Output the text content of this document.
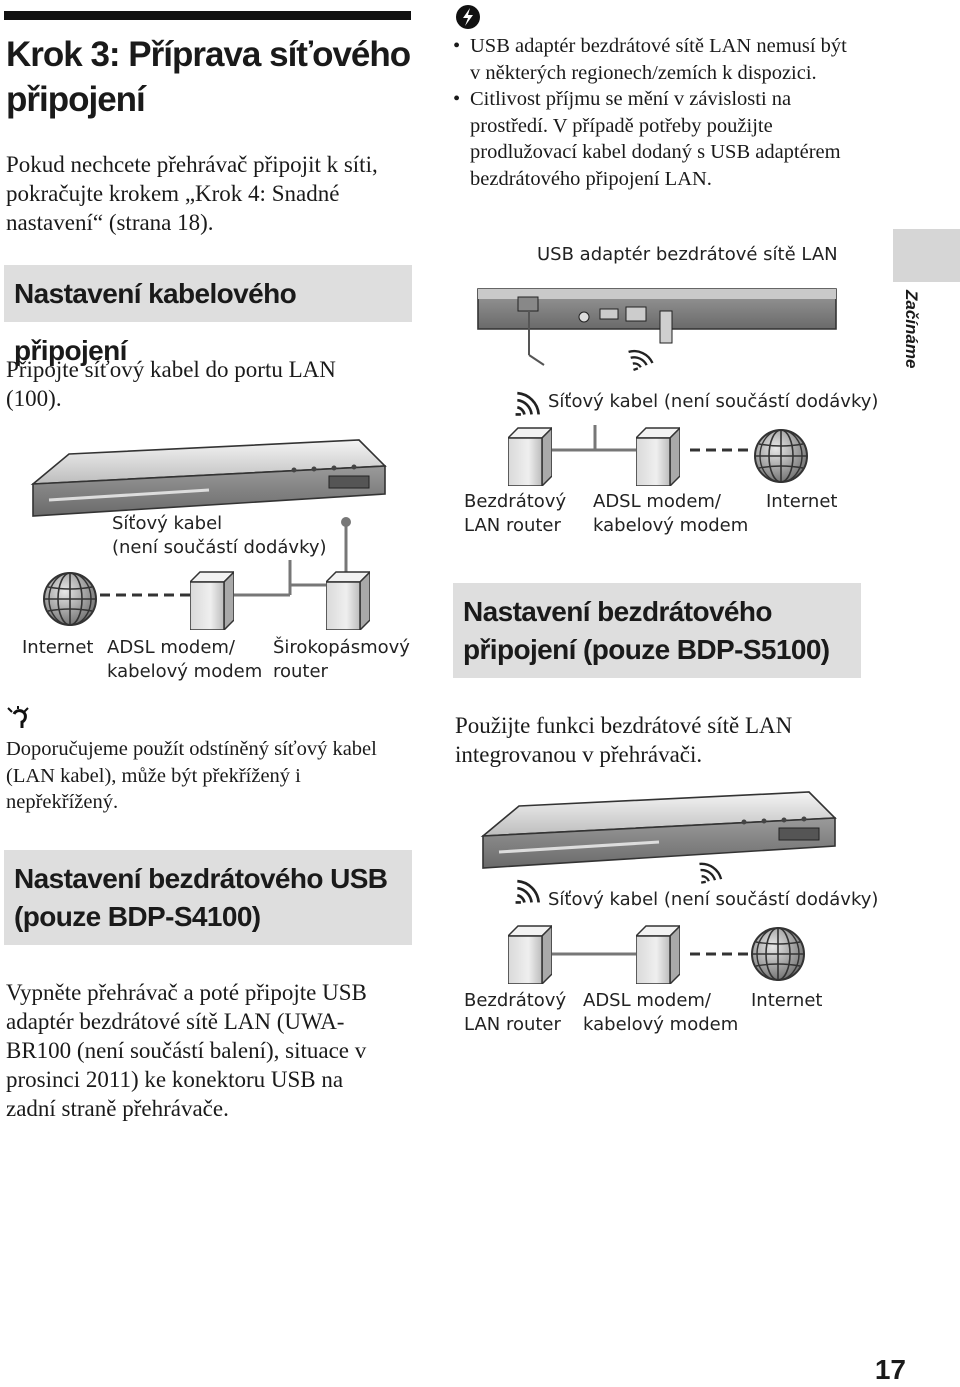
Krok 3: Příprava síťového připojení

Pokud nechcete přehrávač připojit k síti, pokračujte krokem „Krok 4: Snadné nastavení“ (strana 18).

Nastavení kabelového připojení

Připojte síťový kabel do portu LAN (100).

Síťový kabel

(není součástí dodávky)

Internet ADSL modem/

kabelový modem

Širokopásmový

router

Doporučujeme použít odstíněný síťový kabel (LAN kabel), může být překřížený i nepřekřížený.

Nastavení bezdrátového USB (pouze BDP-S4100)

Vypněte přehrávač a poté připojte USB adaptér bezdrátové sítě LAN (UWA-BR100 (není součástí balení), situace v prosinci 2011) ke konektoru USB na zadní straně přehrávače.

• USB adaptér bezdrátové sítě LAN nemusí být v některých regionech/zemích k dispozici.
• Citlivost příjmu se mění v závislosti na prostředí. V případě potřeby použijte prodlužovací kabel dodaný s USB adaptérem bezdrátového připojení LAN.

USB adaptér bezdrátové sítě LAN

Síťový kabel (není součástí dodávky)

Bezdrátový

LAN router

ADSL modem/

kabelový modem

Internet

Nastavení bezdrátového připojení (pouze BDP-S5100)

Použijte funkci bezdrátové sítě LAN integrovanou v přehrávači.

Síťový kabel (není součástí dodávky)

Bezdrátový

LAN router

ADSL modem/

kabelový modem

Internet

Začínáme
17
